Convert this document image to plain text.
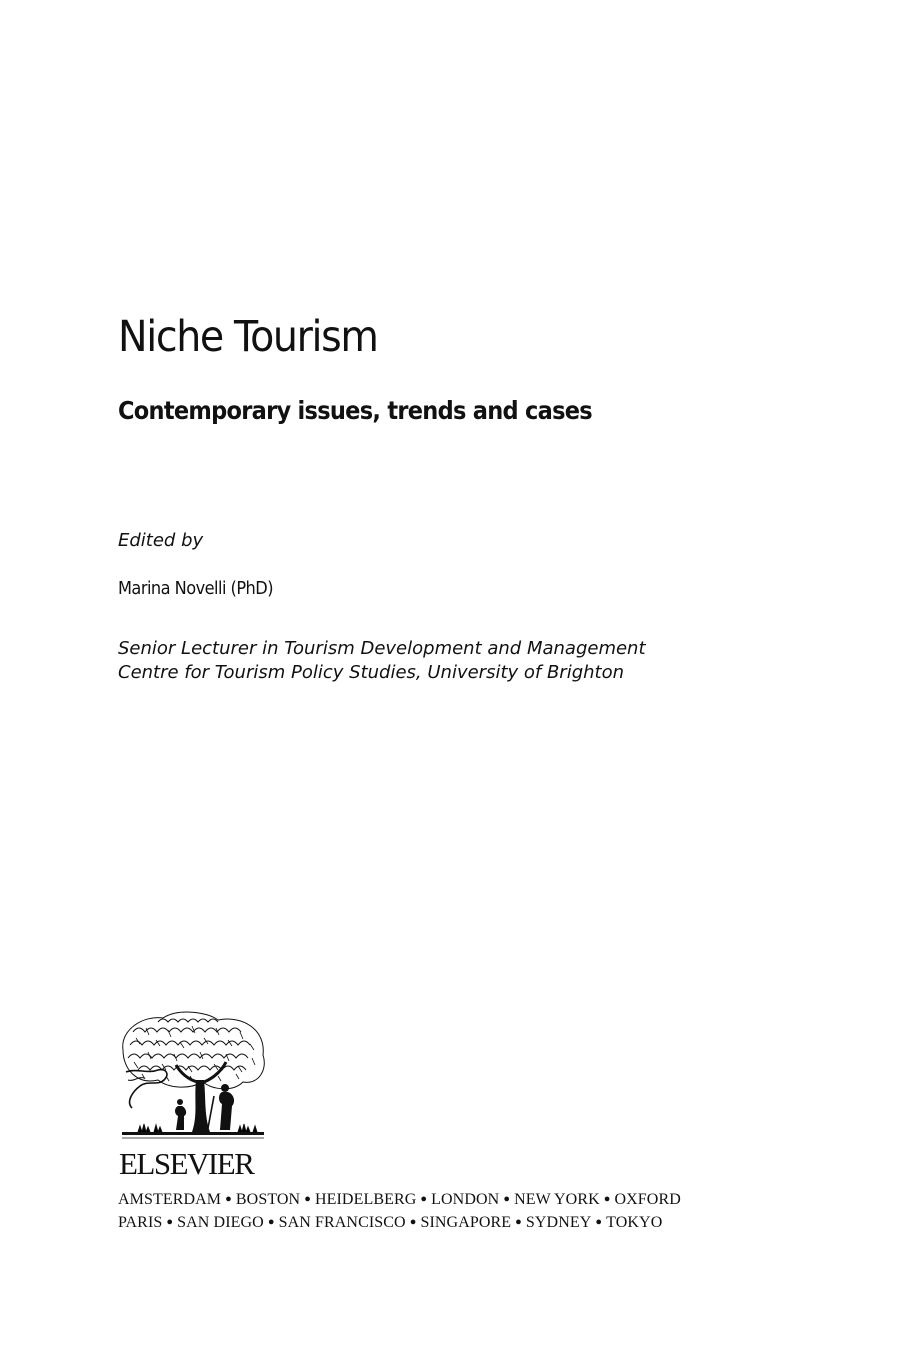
Niche Tourism
Contemporary issues, trends and cases
Edited by
Marina Novelli (PhD)
Senior Lecturer in Tourism Development and Management
Centre for Tourism Policy Studies, University of Brighton
ELSEVIER
AMSTERDAM ● BOSTON ● HEIDELBERG ● LONDON ● NEW YORK ● OXFORD
PARIS ● SAN DIEGO ● SAN FRANCISCO ● SINGAPORE ● SYDNEY ● TOKYO
